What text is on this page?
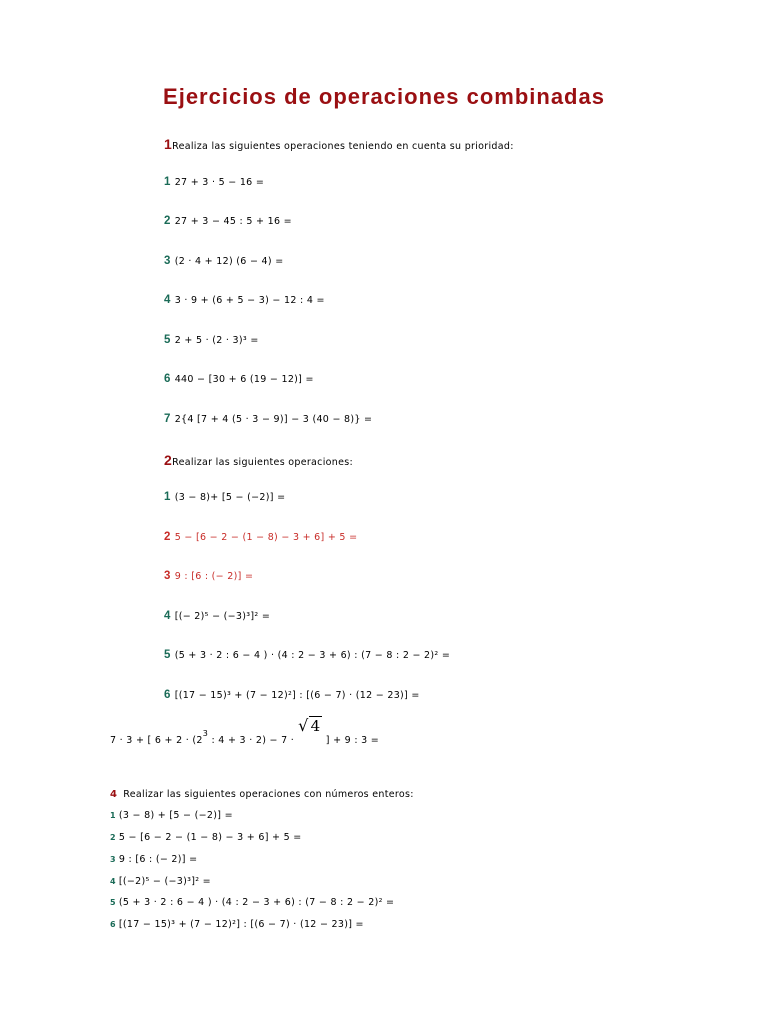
Ejercicios de operaciones combinadas
1Realiza las siguientes operaciones teniendo en cuenta su prioridad:
1 27 + 3 · 5 − 16 =
2 27 + 3 − 45 : 5 + 16 =
3 (2 · 4 + 12) (6 − 4) =
4 3 · 9 + (6 + 5 − 3) − 12 : 4 =
5 2 + 5 · (2 · 3)³ =
6 440 − [30 + 6 (19 − 12)] =
7 2{4 [7 + 4 (5 · 3 − 9)] − 3 (40 − 8)} =
2Realizar las siguientes operaciones:
1 (3 − 8)+ [5 − (−2)] =
2 5 − [6 − 2 − (1 − 8) − 3 + 6] + 5 =
3 9 : [6 : (− 2)] =
4 [(− 2)⁵ − (−3)³]² =
5 (5 + 3 · 2 : 6 − 4 ) · (4 : 2 − 3 + 6) : (7 − 8 : 2 − 2)² =
6 [(17 − 15)³ + (7 − 12)²] : [(6 − 7) · (12 − 23)] =
7 · 3 + [ $6 + 2 \cdot (2^3$ : 4 + 3 · 2) − 7 ·√ 4 ] + 9 : 3 =
4 Realizar las siguientes operaciones con números enteros:
1 (3 − 8) + [5 − (−2)] =
2 5 − [6 − 2 − (1 − 8) − 3 + 6] + 5 =
3 9 : [6 : (− 2)] =
4 [(−2)⁵ − (−3)³]² =
5 (5 + 3 · 2 : 6 − 4 ) · (4 : 2 − 3 + 6) : (7 − 8 : 2 − 2)² =
6 [(17 − 15)³ + (7 − 12)²] : [(6 − 7) · (12 − 23)] =
